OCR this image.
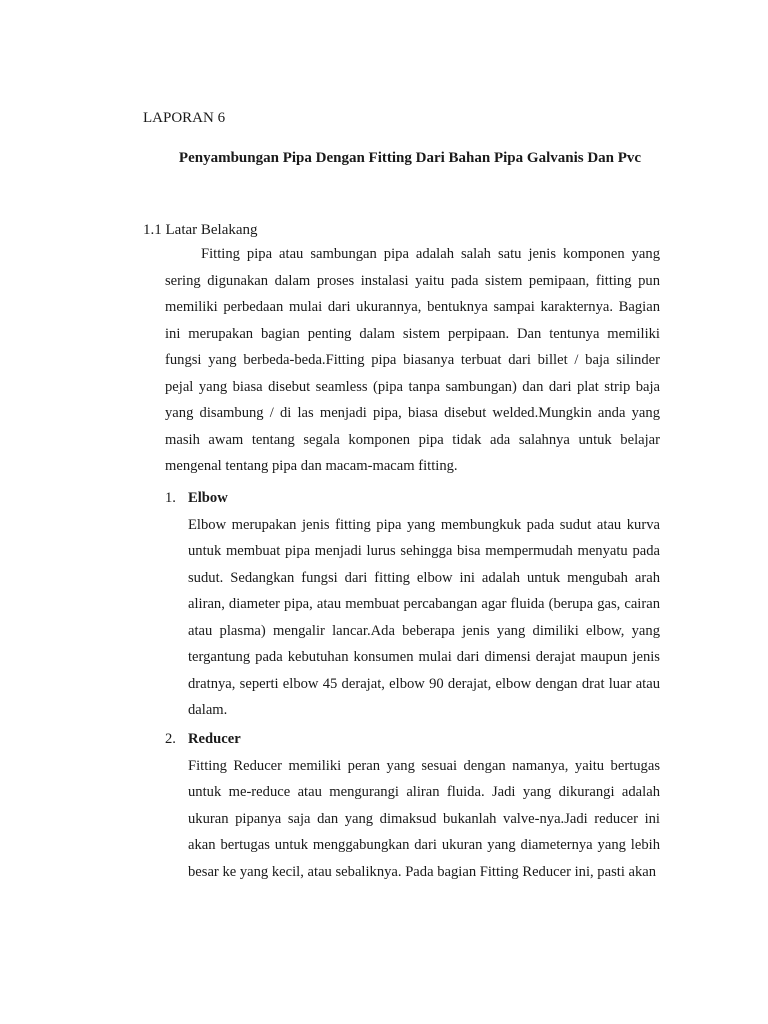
LAPORAN 6
Penyambungan Pipa Dengan Fitting Dari Bahan Pipa Galvanis Dan Pvc
1.1 Latar Belakang

Fitting pipa atau sambungan pipa adalah salah satu jenis komponen yang sering digunakan dalam proses instalasi yaitu pada sistem pemipaan, fitting pun memiliki perbedaan mulai dari ukurannya, bentuknya sampai karakternya. Bagian ini merupakan bagian penting dalam sistem perpipaan. Dan tentunya memiliki fungsi yang berbeda-beda.Fitting pipa biasanya terbuat dari billet / baja silinder pejal yang biasa disebut seamless (pipa tanpa sambungan) dan dari plat strip baja yang disambung / di las menjadi pipa, biasa disebut welded.Mungkin anda yang masih awam tentang segala komponen pipa tidak ada salahnya untuk belajar mengenal tentang pipa dan macam-macam fitting.

1. Elbow

Elbow merupakan jenis fitting pipa yang membungkuk pada sudut atau kurva untuk membuat pipa menjadi lurus sehingga bisa mempermudah menyatu pada sudut. Sedangkan fungsi dari fitting elbow ini adalah untuk mengubah arah aliran, diameter pipa, atau membuat percabangan agar fluida (berupa gas, cairan atau plasma) mengalir lancar.Ada beberapa jenis yang dimiliki elbow, yang tergantung pada kebutuhan konsumen mulai dari dimensi derajat maupun jenis dratnya, seperti elbow 45 derajat, elbow 90 derajat, elbow dengan drat luar atau dalam.

2. Reducer

Fitting Reducer memiliki peran yang sesuai dengan namanya, yaitu bertugas untuk me-reduce atau mengurangi aliran fluida. Jadi yang dikurangi adalah ukuran pipanya saja dan yang dimaksud bukanlah valve-nya.Jadi reducer ini akan bertugas untuk menggabungkan dari ukuran yang diameternya yang lebih besar ke yang kecil, atau sebaliknya. Pada bagian Fitting Reducer ini, pasti akan
